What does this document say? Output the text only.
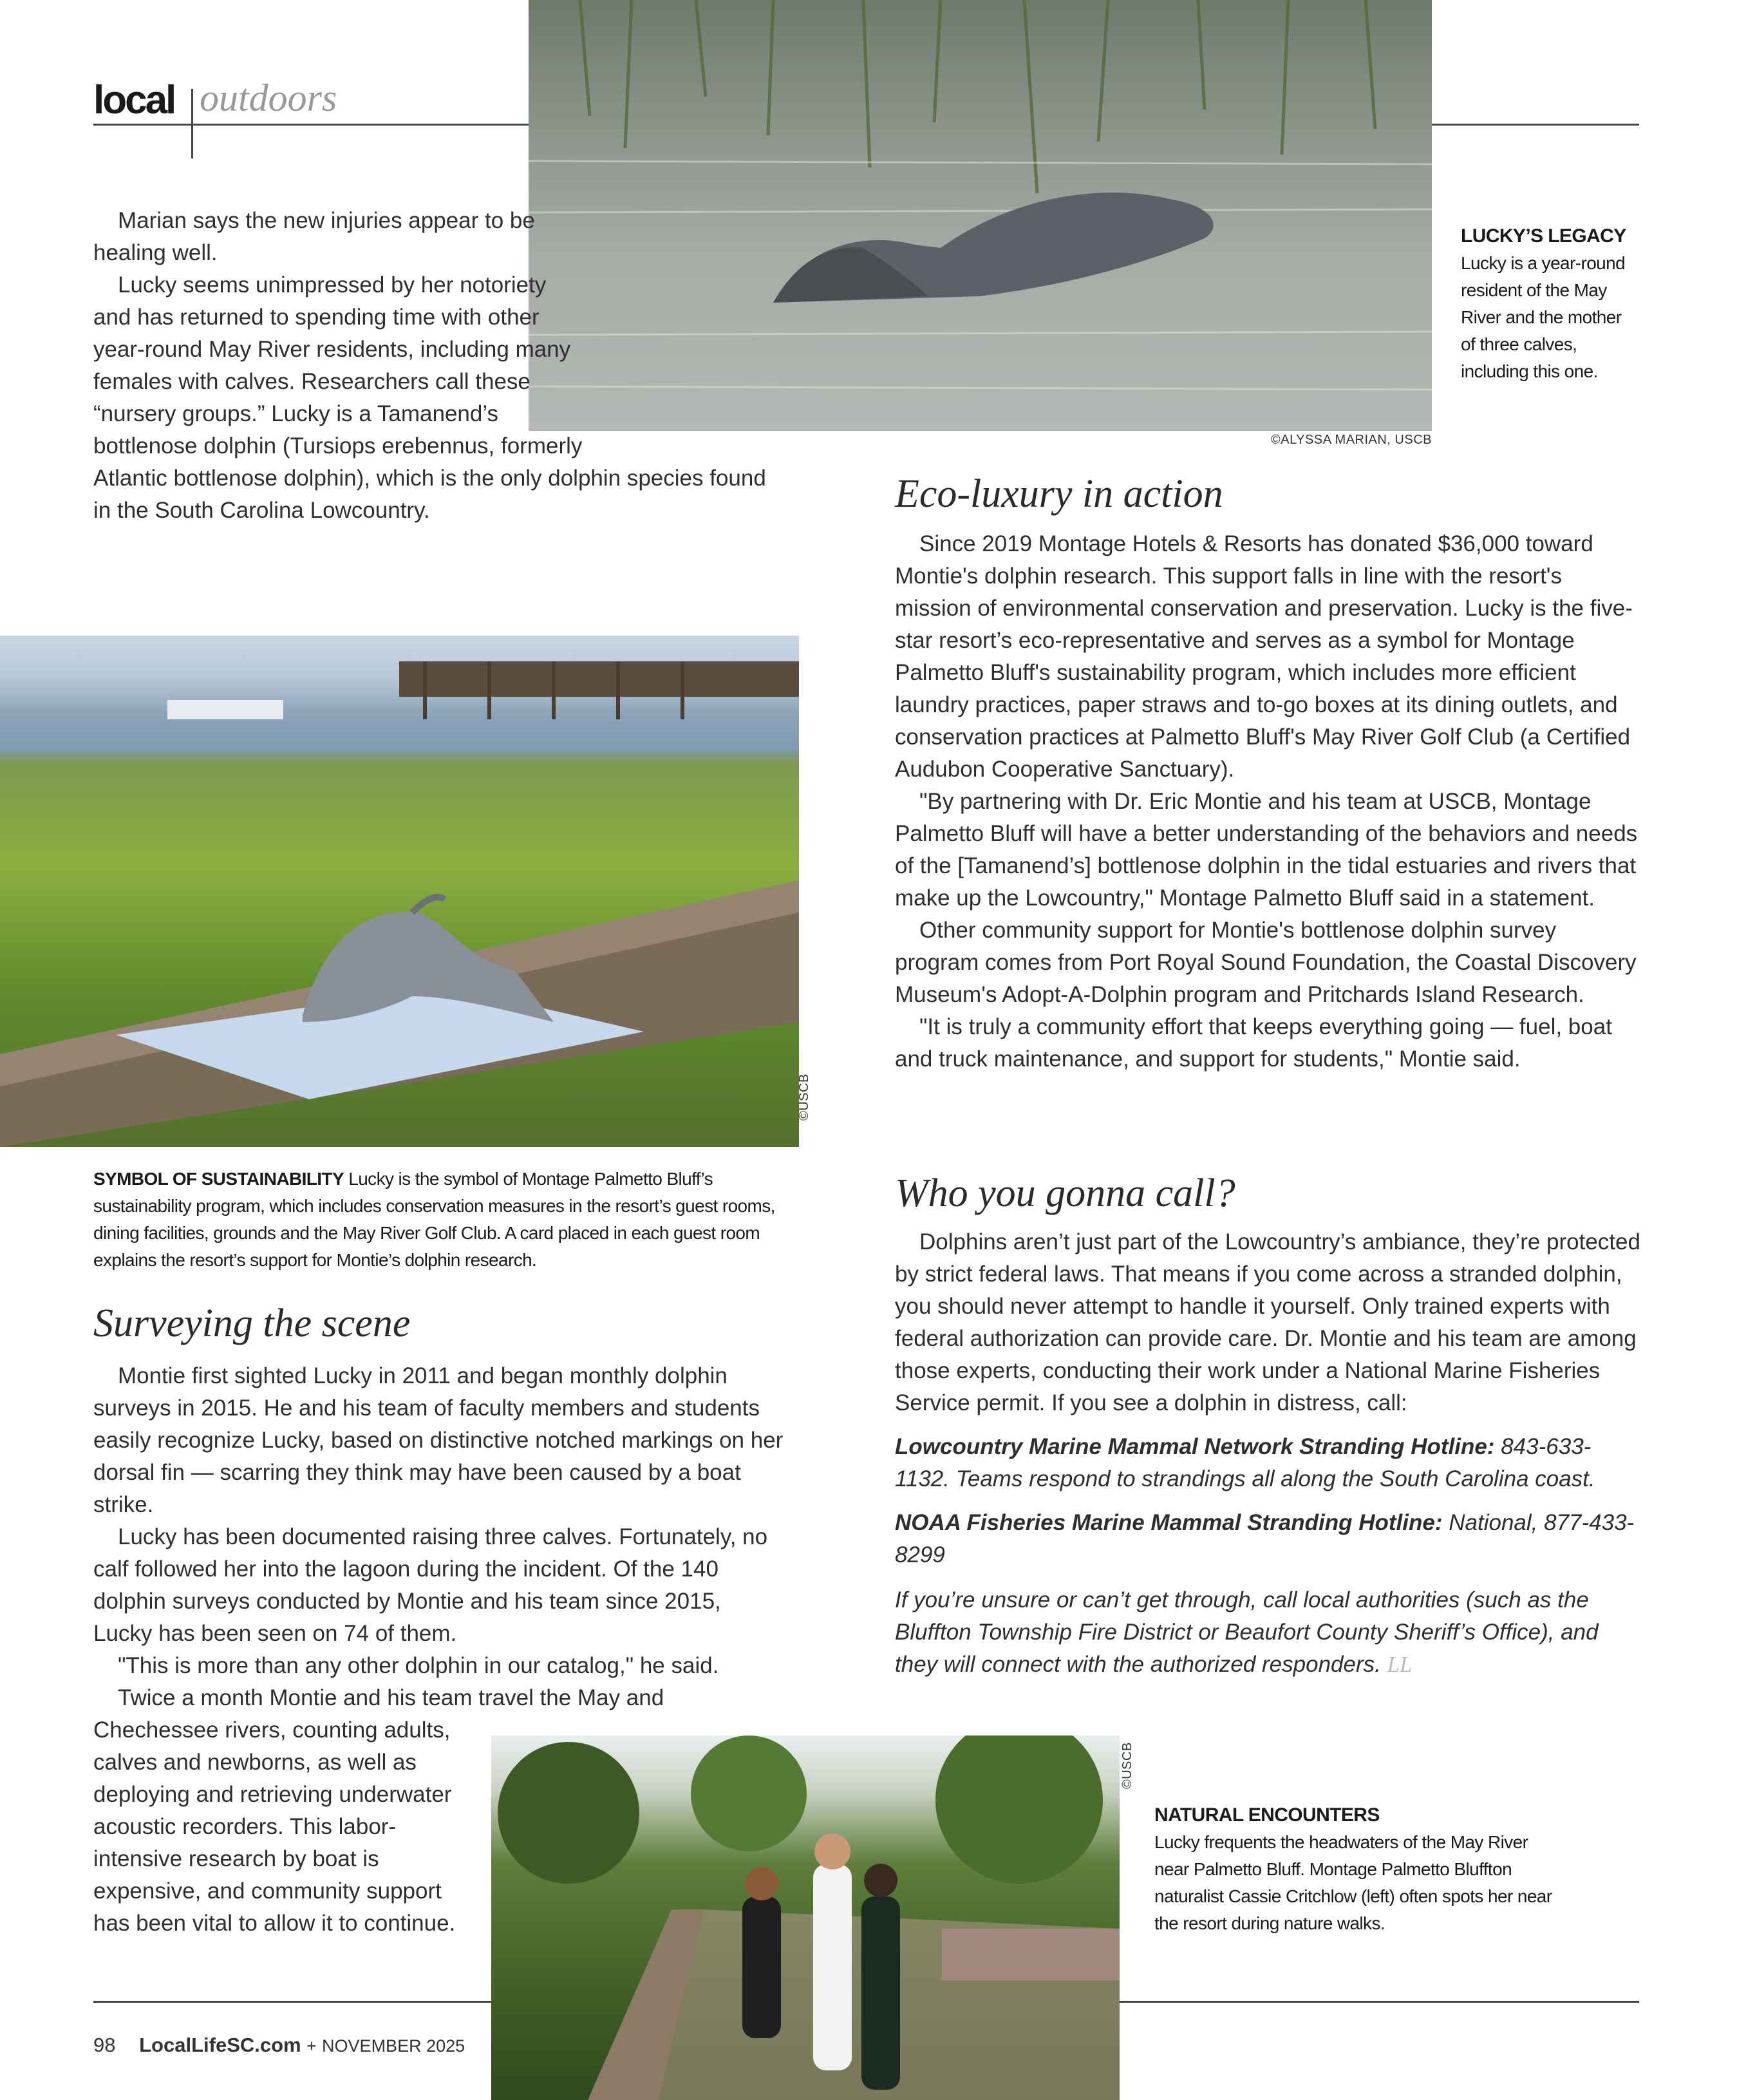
local outdoors
©ALYSSA MARIAN, USCB
LUCKY’S LEGACY
Lucky is a year-round resident of the May River and the mother of three calves, including this one.

Marian says the new injuries appear to be healing well.

Lucky seems unimpressed by her notoriety and has returned to spending time with other year-round May River residents, including many females with calves. Researchers call these “nursery groups.” Lucky is a Tamanend’s bottlenose dolphin (Tursiops erebennus, formerly Atlantic bottlenose dolphin), which is the only dolphin species found in the South Carolina Lowcountry.

©USCB
SYMBOL OF SUSTAINABILITY Lucky is the symbol of Montage Palmetto Bluff’s sustainability program, which includes conservation measures in the resort’s guest rooms, dining facilities, grounds and the May River Golf Club. A card placed in each guest room explains the resort’s support for Montie’s dolphin research.
Surveying the scene

Montie first sighted Lucky in 2011 and began monthly dolphin surveys in 2015. He and his team of faculty members and students easily recognize Lucky, based on distinctive notched markings on her dorsal fin — scarring they think may have been caused by a boat strike.

Lucky has been documented raising three calves. Fortunately, no calf followed her into the lagoon during the incident. Of the 140 dolphin surveys conducted by Montie and his team since 2015, Lucky has been seen on 74 of them.

"This is more than any other dolphin in our catalog," he said.

Twice a month Montie and his team travel the May and Chechessee rivers, counting adults, calves and newborns, as well as deploying and retrieving underwater acoustic recorders. This labor-intensive research by boat is expensive, and community support has been vital to allow it to continue.

Eco-luxury in action

Since 2019 Montage Hotels & Resorts has donated $36,000 toward Montie's dolphin research. This support falls in line with the resort's mission of environmental conservation and preservation. Lucky is the five-star resort’s eco-representative and serves as a symbol for Montage Palmetto Bluff's sustainability program, which includes more efficient laundry practices, paper straws and to-go boxes at its dining outlets, and conservation practices at Palmetto Bluff's May River Golf Club (a Certified Audubon Cooperative Sanctuary).

"By partnering with Dr. Eric Montie and his team at USCB, Montage Palmetto Bluff will have a better understanding of the behaviors and needs of the [Tamanend’s] bottlenose dolphin in the tidal estuaries and rivers that make up the Lowcountry," Montage Palmetto Bluff said in a statement.

Other community support for Montie's bottlenose dolphin survey program comes from Port Royal Sound Foundation, the Coastal Discovery Museum's Adopt-A-Dolphin program and Pritchards Island Research.

"It is truly a community effort that keeps everything going — fuel, boat and truck maintenance, and support for students," Montie said.

Who you gonna call?

Dolphins aren’t just part of the Lowcountry’s ambiance, they’re protected by strict federal laws. That means if you come across a stranded dolphin, you should never attempt to handle it yourself. Only trained experts with federal authorization can provide care. Dr. Montie and his team are among those experts, conducting their work under a National Marine Fisheries Service permit. If you see a dolphin in distress, call:

Lowcountry Marine Mammal Network Stranding Hotline: 843-633-1132. Teams respond to strandings all along the South Carolina coast.

NOAA Fisheries Marine Mammal Stranding Hotline: National, 877-433-8299

If you’re unsure or can’t get through, call local authorities (such as the Bluffton Township Fire District or Beaufort County Sheriff’s Office), and they will connect with the authorized responders. LL

©USCB
NATURAL ENCOUNTERS
Lucky frequents the headwaters of the May River near Palmetto Bluff. Montage Palmetto Bluffton naturalist Cassie Critchlow (left) often spots her near the resort during nature walks.
98 LocalLifeSC.com + NOVEMBER 2025
